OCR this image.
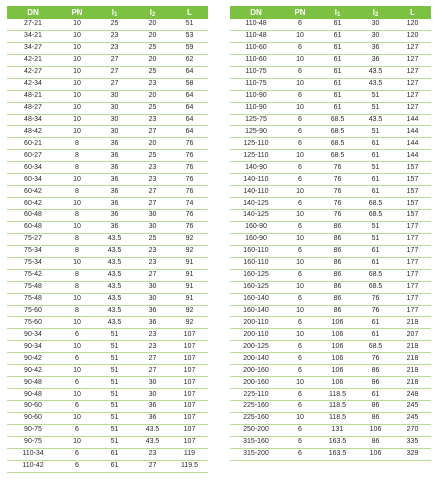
DN	PN	$l_1$	$l_2$	L
27-21	10	25	20	51
34-21	10	23	20	53
34-27	10	23	25	59
42-21	10	27	20	62
42-27	10	27	25	64
42-34	10	27	23	58
48-21	10	30	20	64
48-27	10	30	25	64
48-34	10	30	23	64
48-42	10	30	27	64
60-21	8	36	20	76
60-27	8	36	25	76
60-34	8	36	23	76
60-34	10	36	23	76
60-42	8	36	27	76
60-42	10	36	27	74
60-48	8	36	30	76
60-48	10	36	30	76
75-27	8	43.5	25	92
75-34	8	43.5	23	92
75-34	10	43.5	23	91
75-42	8	43.5	27	91
75-48	8	43.5	30	91
75-48	10	43.5	30	91
75-60	8	43.5	36	92
75-60	10	43.5	36	92
90-34	6	51	23	107
90-34	10	51	23	107
90-42	6	51	27	107
90-42	10	51	27	107
90-48	6	51	30	107
90-48	10	51	30	107
90-60	6	51	36	107
90-60	10	51	36	107
90-75	6	51	43.5	107
90-75	10	51	43.5	107
110-34	6	61	23	119
110-42	6	61	27	119.5
DN	PN	$l_1$	$l_2$	L
110-48	6	61	30	120
110-48	10	61	30	120
110-60	6	61	36	127
110-60	10	61	36	127
110-75	6	61	43.5	127
110-75	10	61	43.5	127
110-90	6	61	51	127
110-90	10	61	51	127
125-75	6	68.5	43.5	144
125-90	6	68.5	51	144
125-110	6	68.5	61	144
125-110	10	68.5	61	144
140-90	6	76	51	157
140-110	6	76	61	157
140-110	10	76	61	157
140-125	6	76	68.5	157
140-125	10	76	68.5	157
160-90	6	86	51	177
160-90	10	86	51	177
160-110	6	86	61	177
160-110	10	86	61	177
160-125	6	86	68.5	177
160-125	10	86	68.5	177
160-140	6	86	76	177
160-140	10	86	76	177
200-110	6	106	61	218
200-110	10	106	61	207
200-125	6	106	68.5	218
200-140	6	106	76	218
200-160	6	106	86	218
200-160	10	106	86	218
225-110	6	118.5	61	248
225-160	6	118.5	86	245
225-160	10	118.5	86	245
250-200	6	131	106	270
315-160	6	163.5	86	335
315-200	6	163.5	106	329
